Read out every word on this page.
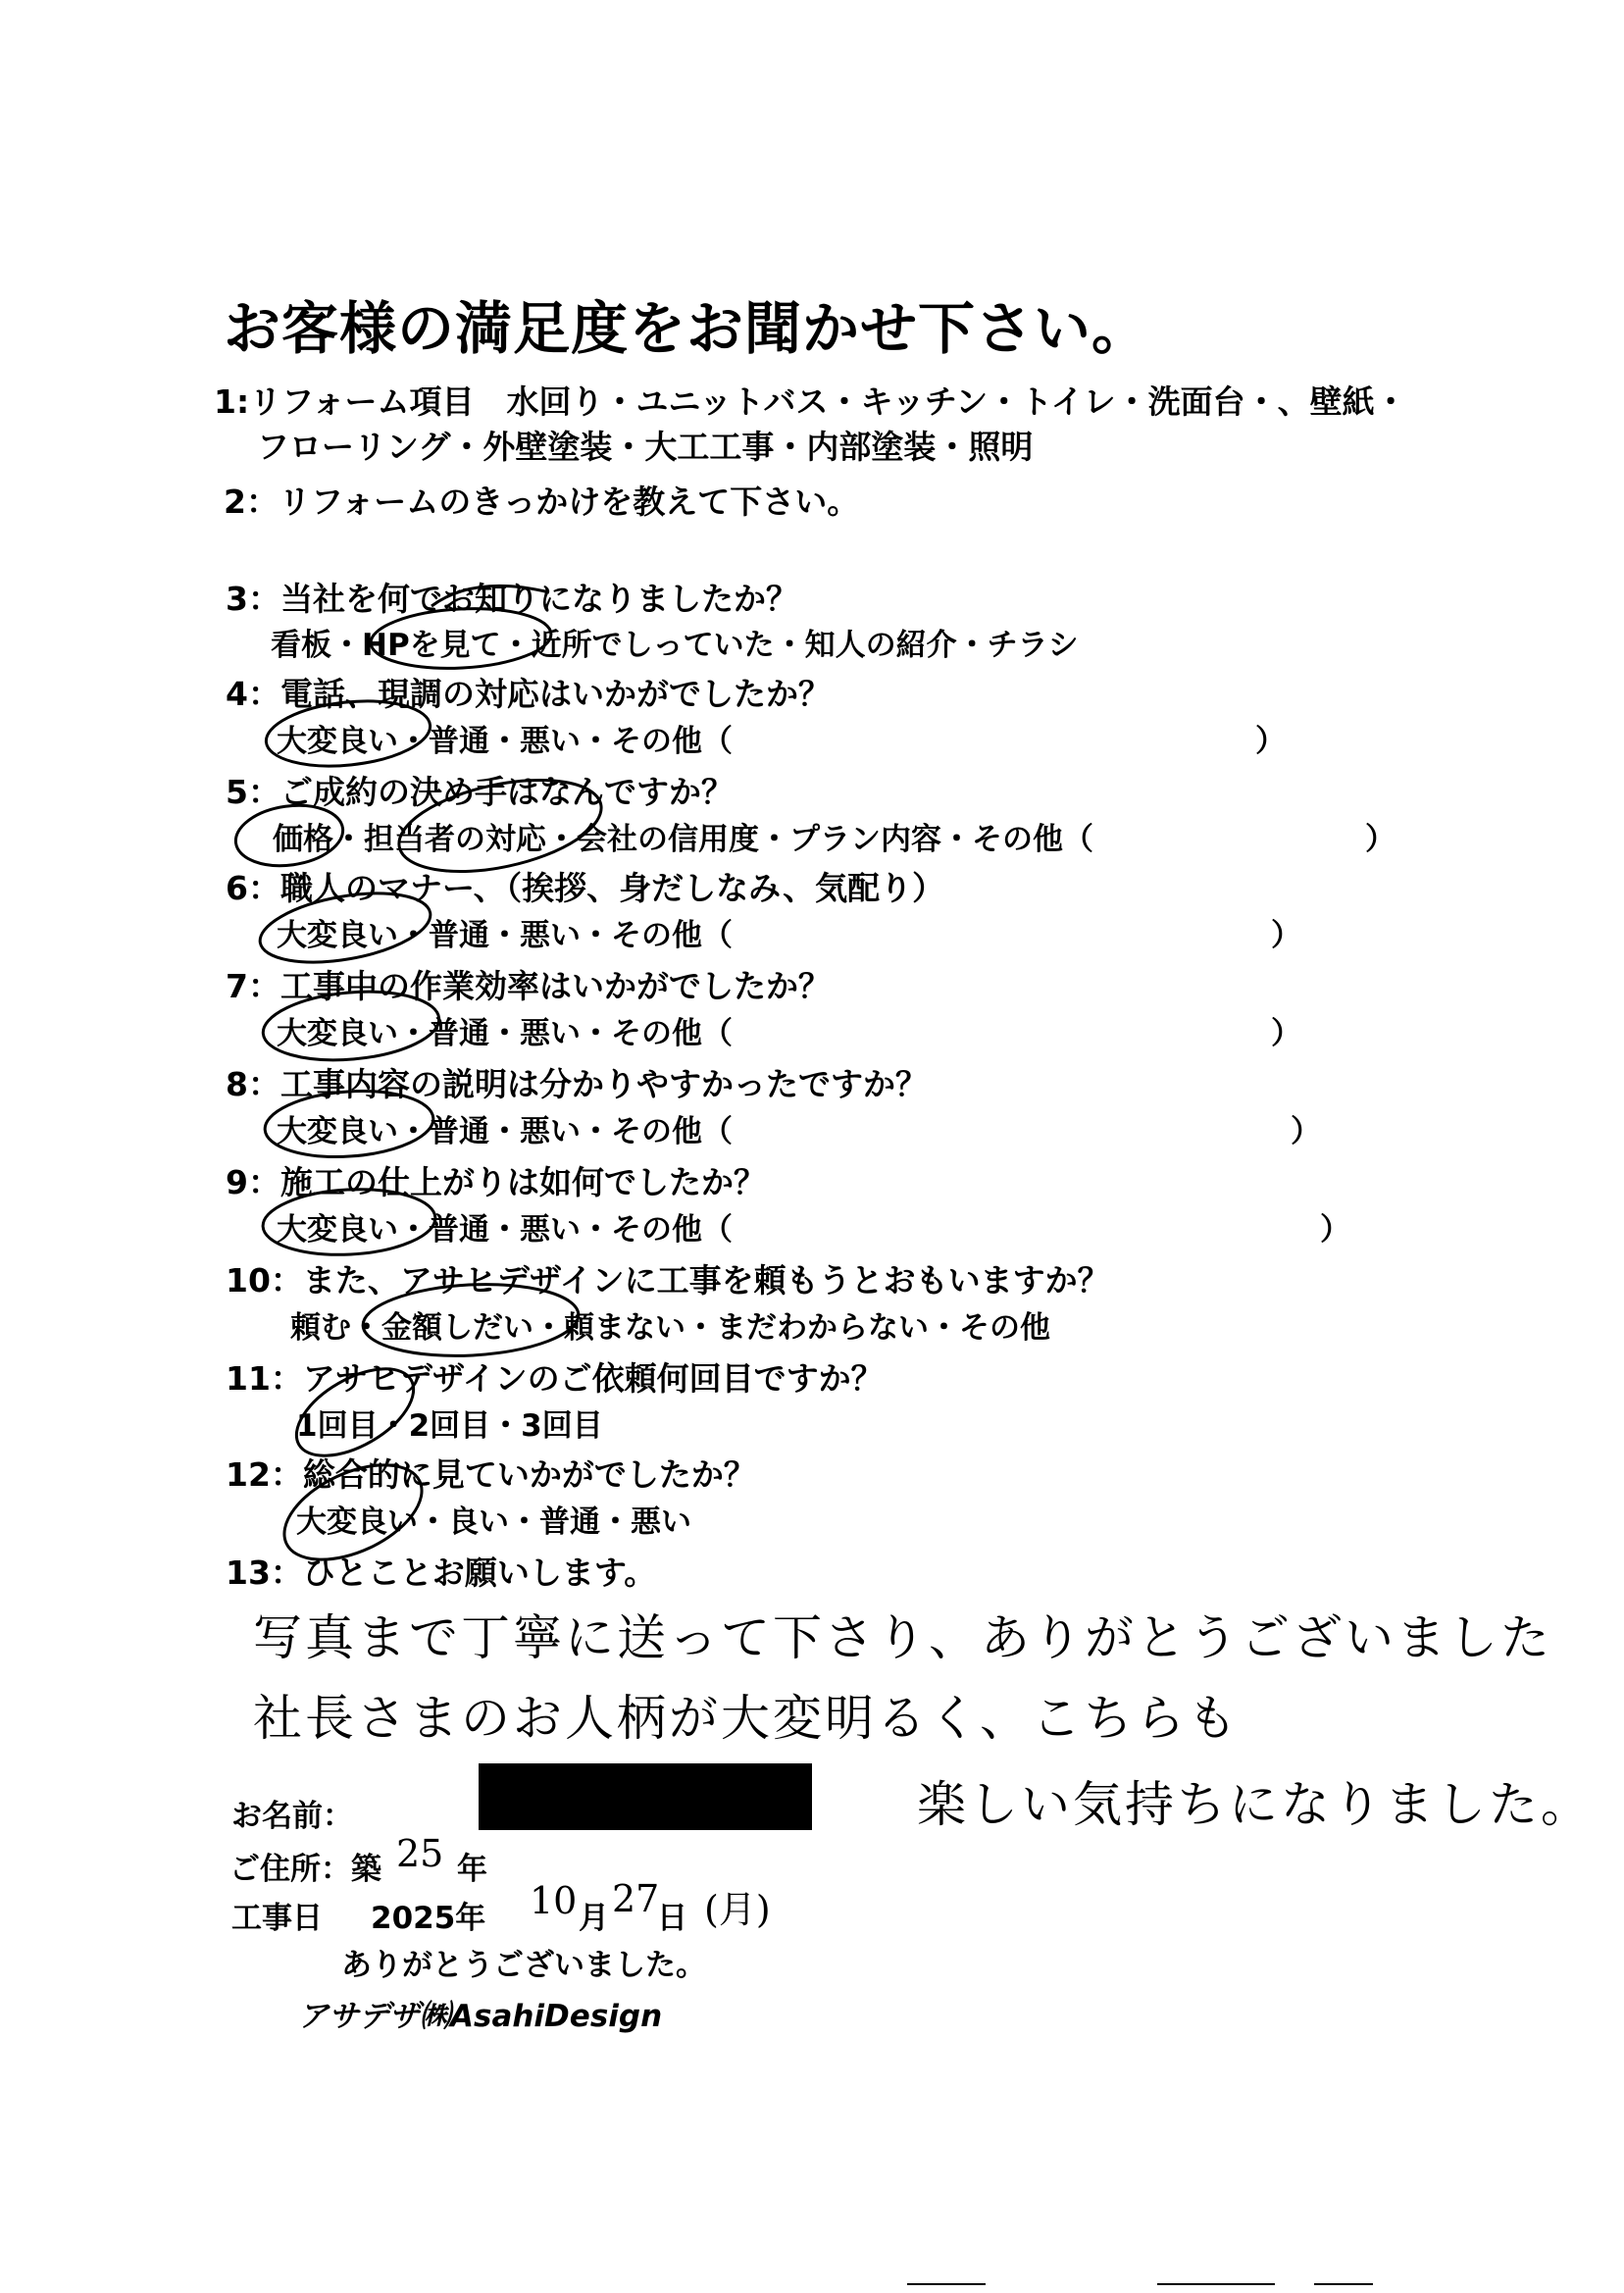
お客様の満足度をお聞かせ下さい。
1:リフォーム項目　水回り・ユニットバス・キッチン・トイレ・洗面台・、壁紙・
フローリング・外壁塗装・大工工事・内部塗装・照明
2：リフォームのきっかけを教えて下さい。
3：当社を何でお知りになりましたか？
看板・HPを見て・近所でしっていた・知人の紹介・チラシ
4：電話、現調の対応はいかがでしたか？
大変良い・普通・悪い・その他（	）
5：ご成約の決め手はなんですか？
価格・担当者の対応・会社の信用度・プラン内容・その他（	）
6：職人のマナー、（挨拶、身だしなみ、気配り）
大変良い・普通・悪い・その他（	）
7：工事中の作業効率はいかがでしたか？
大変良い・普通・悪い・その他（	）
8：工事内容の説明は分かりやすかったですか？
大変良い・普通・悪い・その他（	）
9：施工の仕上がりは如何でしたか？
大変良い・普通・悪い・その他（	）
10：また、アサヒデザインに工事を頼もうとおもいますか？
頼む・金額しだい・頼まない・まだわからない・その他
11：アサヒデザインのご依頼何回目ですか？
1回目・2回目・3回目
12：総合的に見ていかがでしたか？
大変良い・良い・普通・悪い
13：ひとことお願いします。
写真まで丁寧に送って下さり、ありがとうございました
社長さまのお人柄が大変明るく、こちらも
楽しい気持ちになりました。
お名前：
ご住所：築 25 年
工事日 2025年 10 月 27
日 (月)
ありがとうございました。
アサデザ㈱AsahiDesign
